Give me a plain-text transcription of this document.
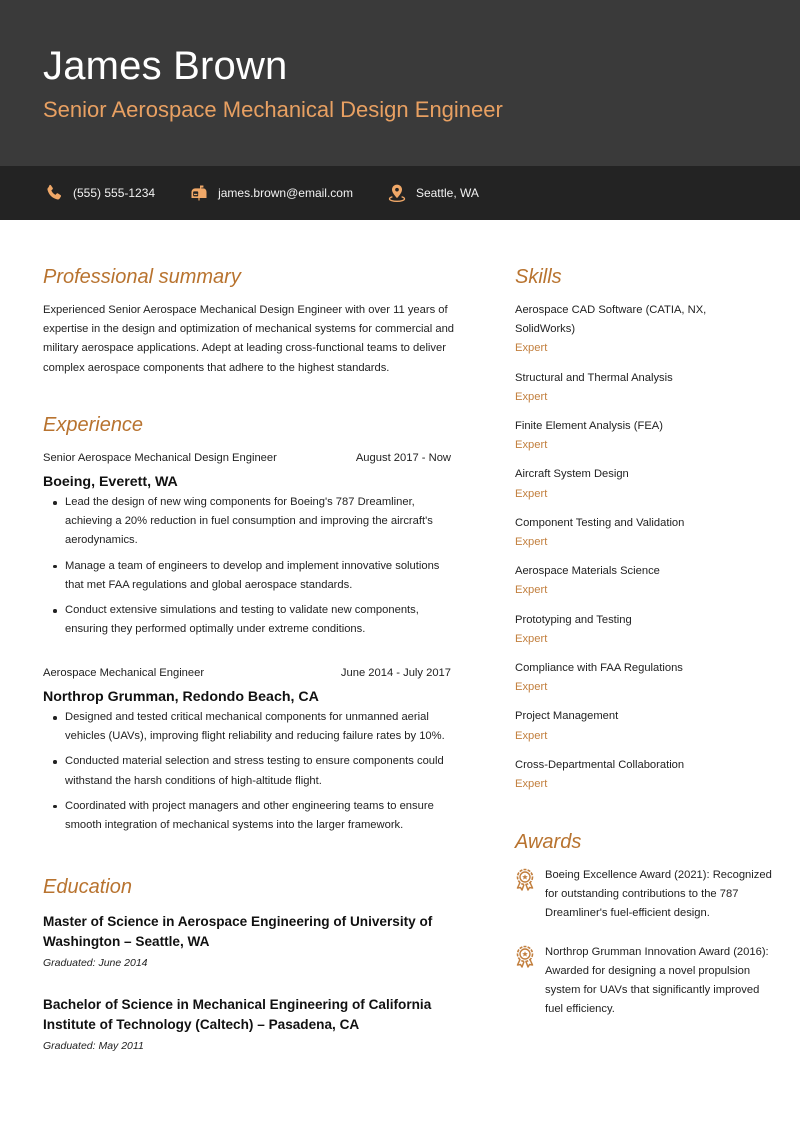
James Brown
Senior Aerospace Mechanical Design Engineer
(555) 555-1234	james.brown@email.com	Seattle, WA
Professional summary
Experienced Senior Aerospace Mechanical Design Engineer with over 11 years of expertise in the design and optimization of mechanical systems for commercial and military aerospace applications. Adept at leading cross-functional teams to deliver complex aerospace components that adhere to the highest standards.
Experience
Senior Aerospace Mechanical Design Engineer	August 2017 - Now
Boeing, Everett, WA
Lead the design of new wing components for Boeing's 787 Dreamliner, achieving a 20% reduction in fuel consumption and improving the aircraft's aerodynamics.
Manage a team of engineers to develop and implement innovative solutions that met FAA regulations and global aerospace standards.
Conduct extensive simulations and testing to validate new components, ensuring they performed optimally under extreme conditions.
Aerospace Mechanical Engineer	June 2014 - July 2017
Northrop Grumman, Redondo Beach, CA
Designed and tested critical mechanical components for unmanned aerial vehicles (UAVs), improving flight reliability and reducing failure rates by 10%.
Conducted material selection and stress testing to ensure components could withstand the harsh conditions of high-altitude flight.
Coordinated with project managers and other engineering teams to ensure smooth integration of mechanical systems into the larger framework.
Education
Master of Science in Aerospace Engineering of University of Washington – Seattle, WA
Graduated: June 2014
Bachelor of Science in Mechanical Engineering of California Institute of Technology (Caltech) – Pasadena, CA
Graduated: May 2011
Skills
Aerospace CAD Software (CATIA, NX, SolidWorks)
Expert
Structural and Thermal Analysis
Expert
Finite Element Analysis (FEA)
Expert
Aircraft System Design
Expert
Component Testing and Validation
Expert
Aerospace Materials Science
Expert
Prototyping and Testing
Expert
Compliance with FAA Regulations
Expert
Project Management
Expert
Cross-Departmental Collaboration
Expert
Awards
Boeing Excellence Award (2021): Recognized for outstanding contributions to the 787 Dreamliner's fuel-efficient design.
Northrop Grumman Innovation Award (2016): Awarded for designing a novel propulsion system for UAVs that significantly improved fuel efficiency.
